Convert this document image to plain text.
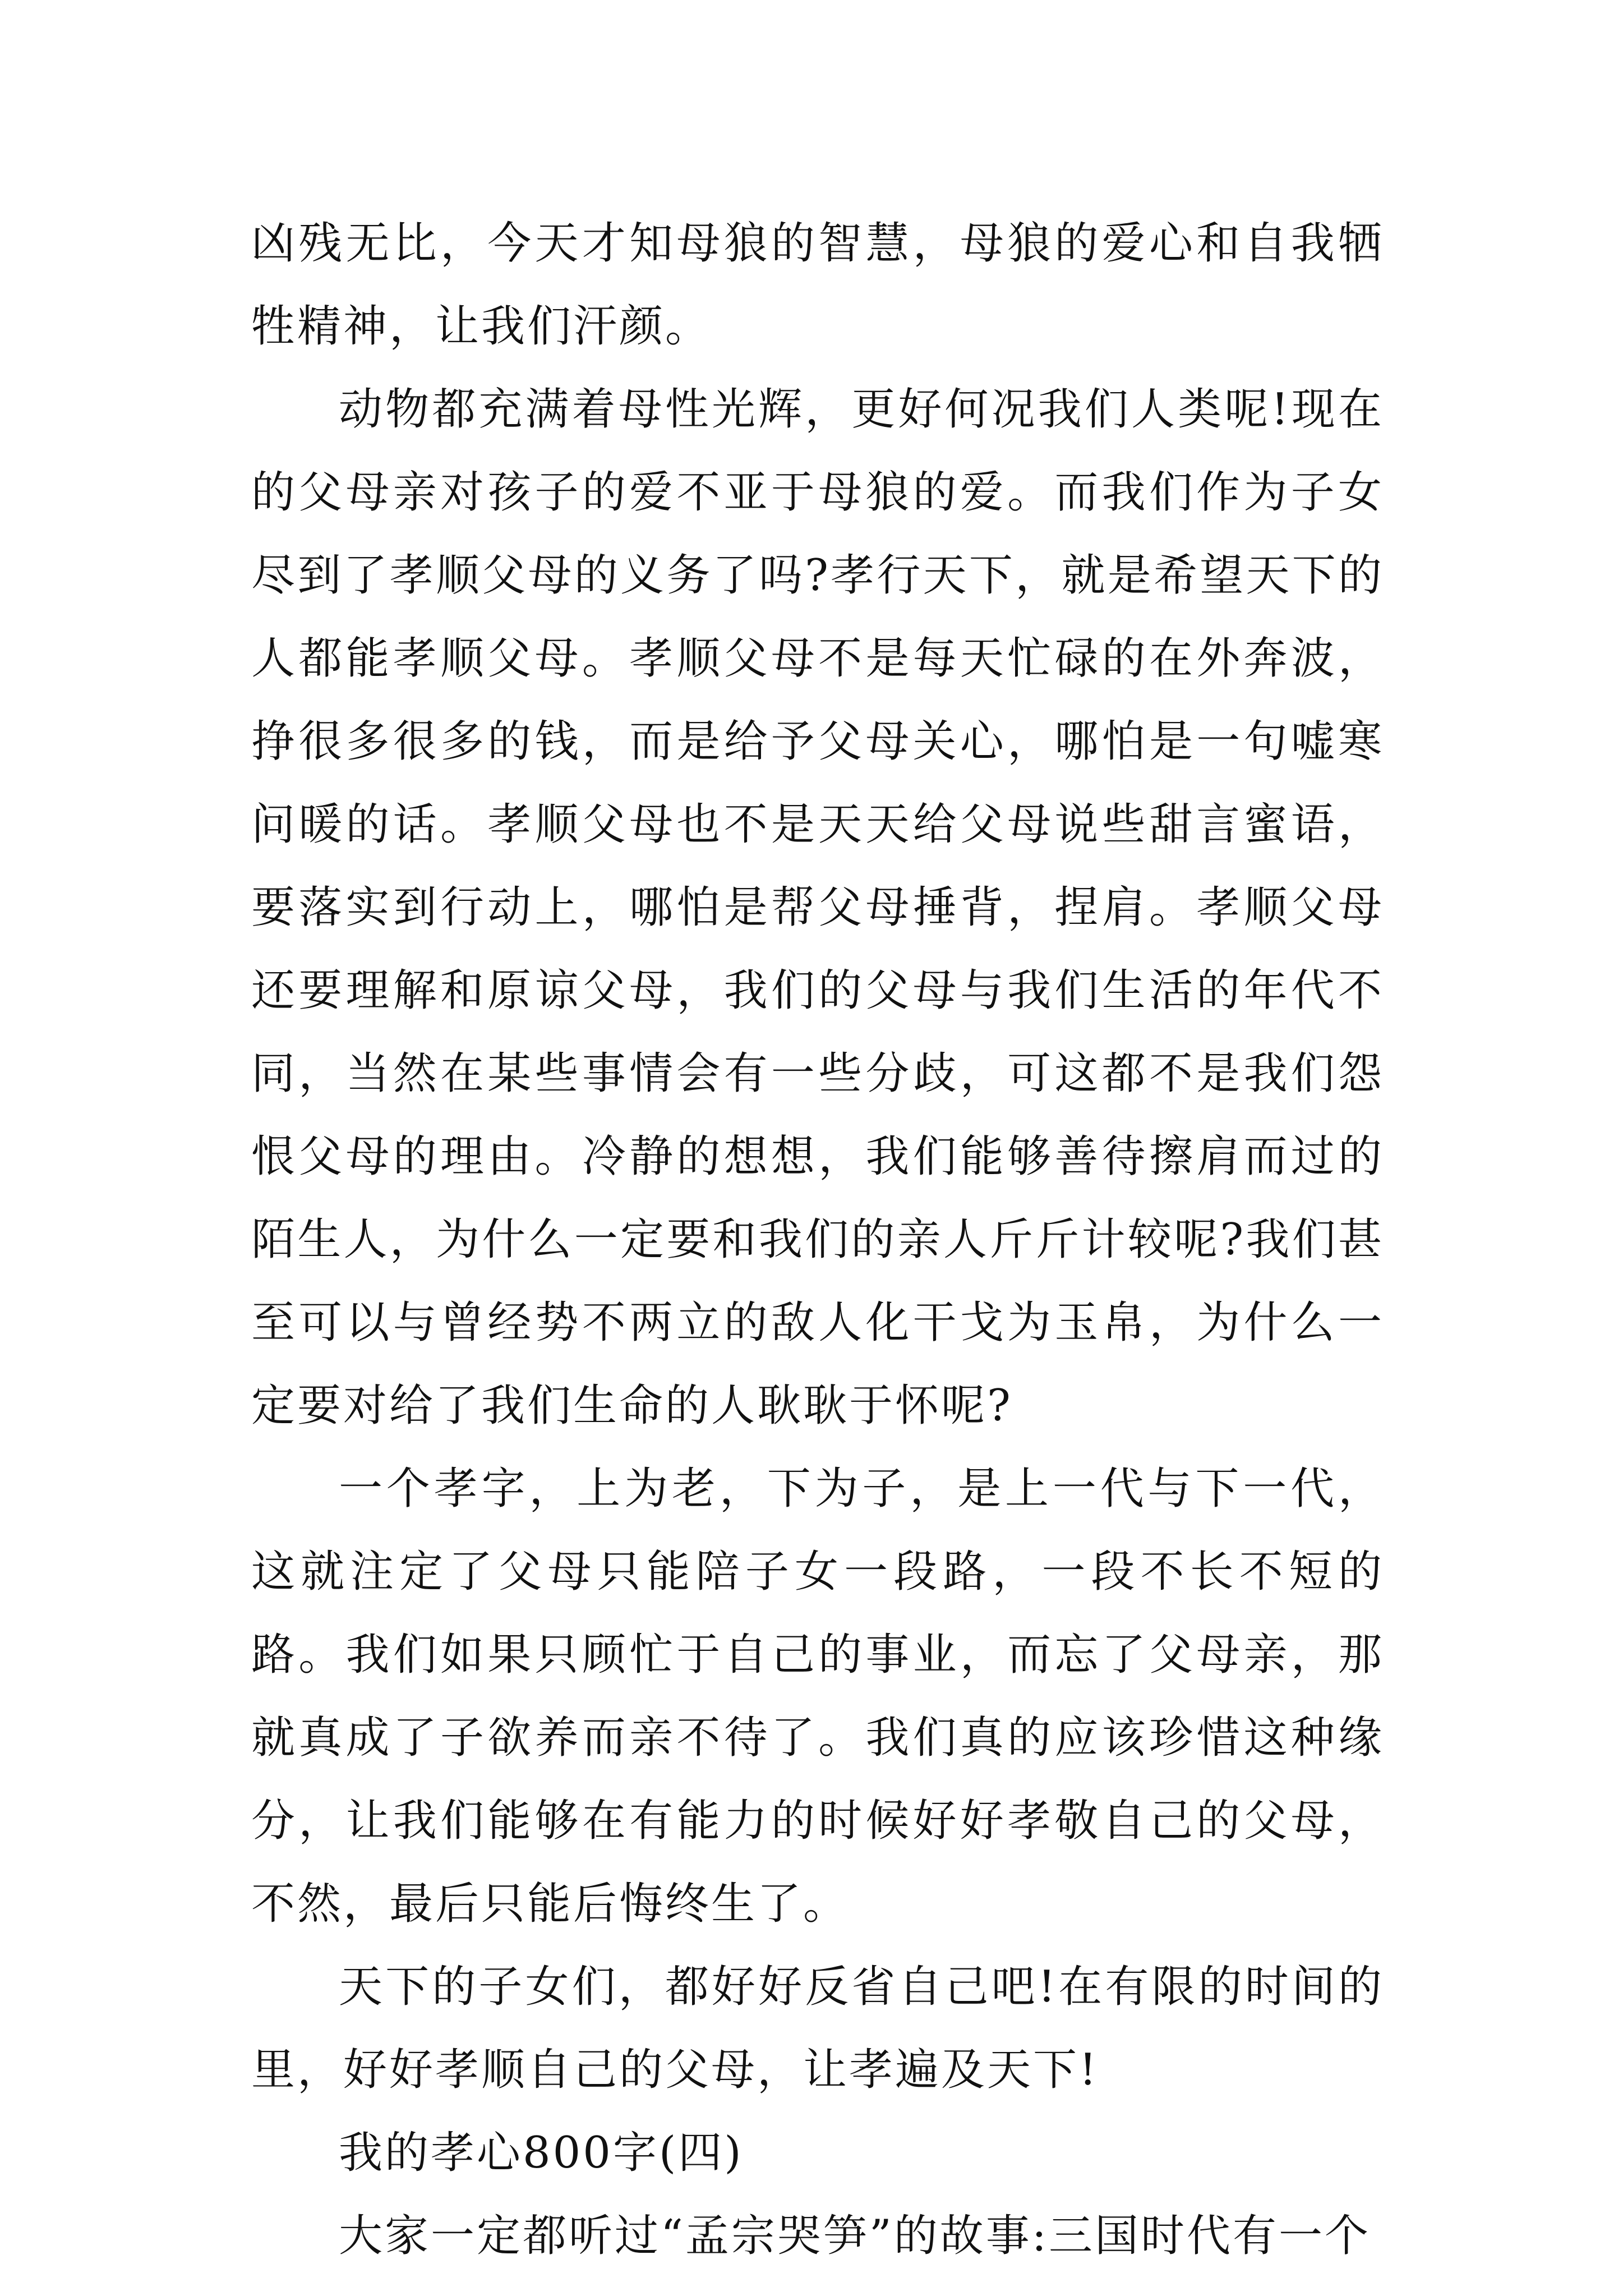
凶残无比，今天才知母狼的智慧，母狼的爱心和自我牺牲精神，让我们汗颜。

动物都充满着母性光辉，更好何况我们人类呢!现在的父母亲对孩子的爱不亚于母狼的爱。而我们作为子女尽到了孝顺父母的义务了吗?孝行天下，就是希望天下的人都能孝顺父母。孝顺父母不是每天忙碌的在外奔波，挣很多很多的钱，而是给予父母关心，哪怕是一句嘘寒问暖的话。孝顺父母也不是天天给父母说些甜言蜜语，要落实到行动上，哪怕是帮父母捶背，捏肩。孝顺父母还要理解和原谅父母，我们的父母与我们生活的年代不同，当然在某些事情会有一些分歧，可这都不是我们怨恨父母的理由。冷静的想想，我们能够善待擦肩而过的陌生人，为什么一定要和我们的亲人斤斤计较呢?我们甚至可以与曾经势不两立的敌人化干戈为玉帛，为什么一定要对给了我们生命的人耿耿于怀呢?

一个孝字，上为老，下为子，是上一代与下一代，这就注定了父母只能陪子女一段路，一段不长不短的路。我们如果只顾忙于自己的事业，而忘了父母亲，那就真成了子欲养而亲不待了。我们真的应该珍惜这种缘分，让我们能够在有能力的时候好好孝敬自己的父母，不然，最后只能后悔终生了。

天下的子女们，都好好反省自己吧!在有限的时间的里，好好孝顺自己的父母，让孝遍及天下!

我的孝心800字(四)

大家一定都听过“孟宗哭笋”的故事:三国时代有一个
